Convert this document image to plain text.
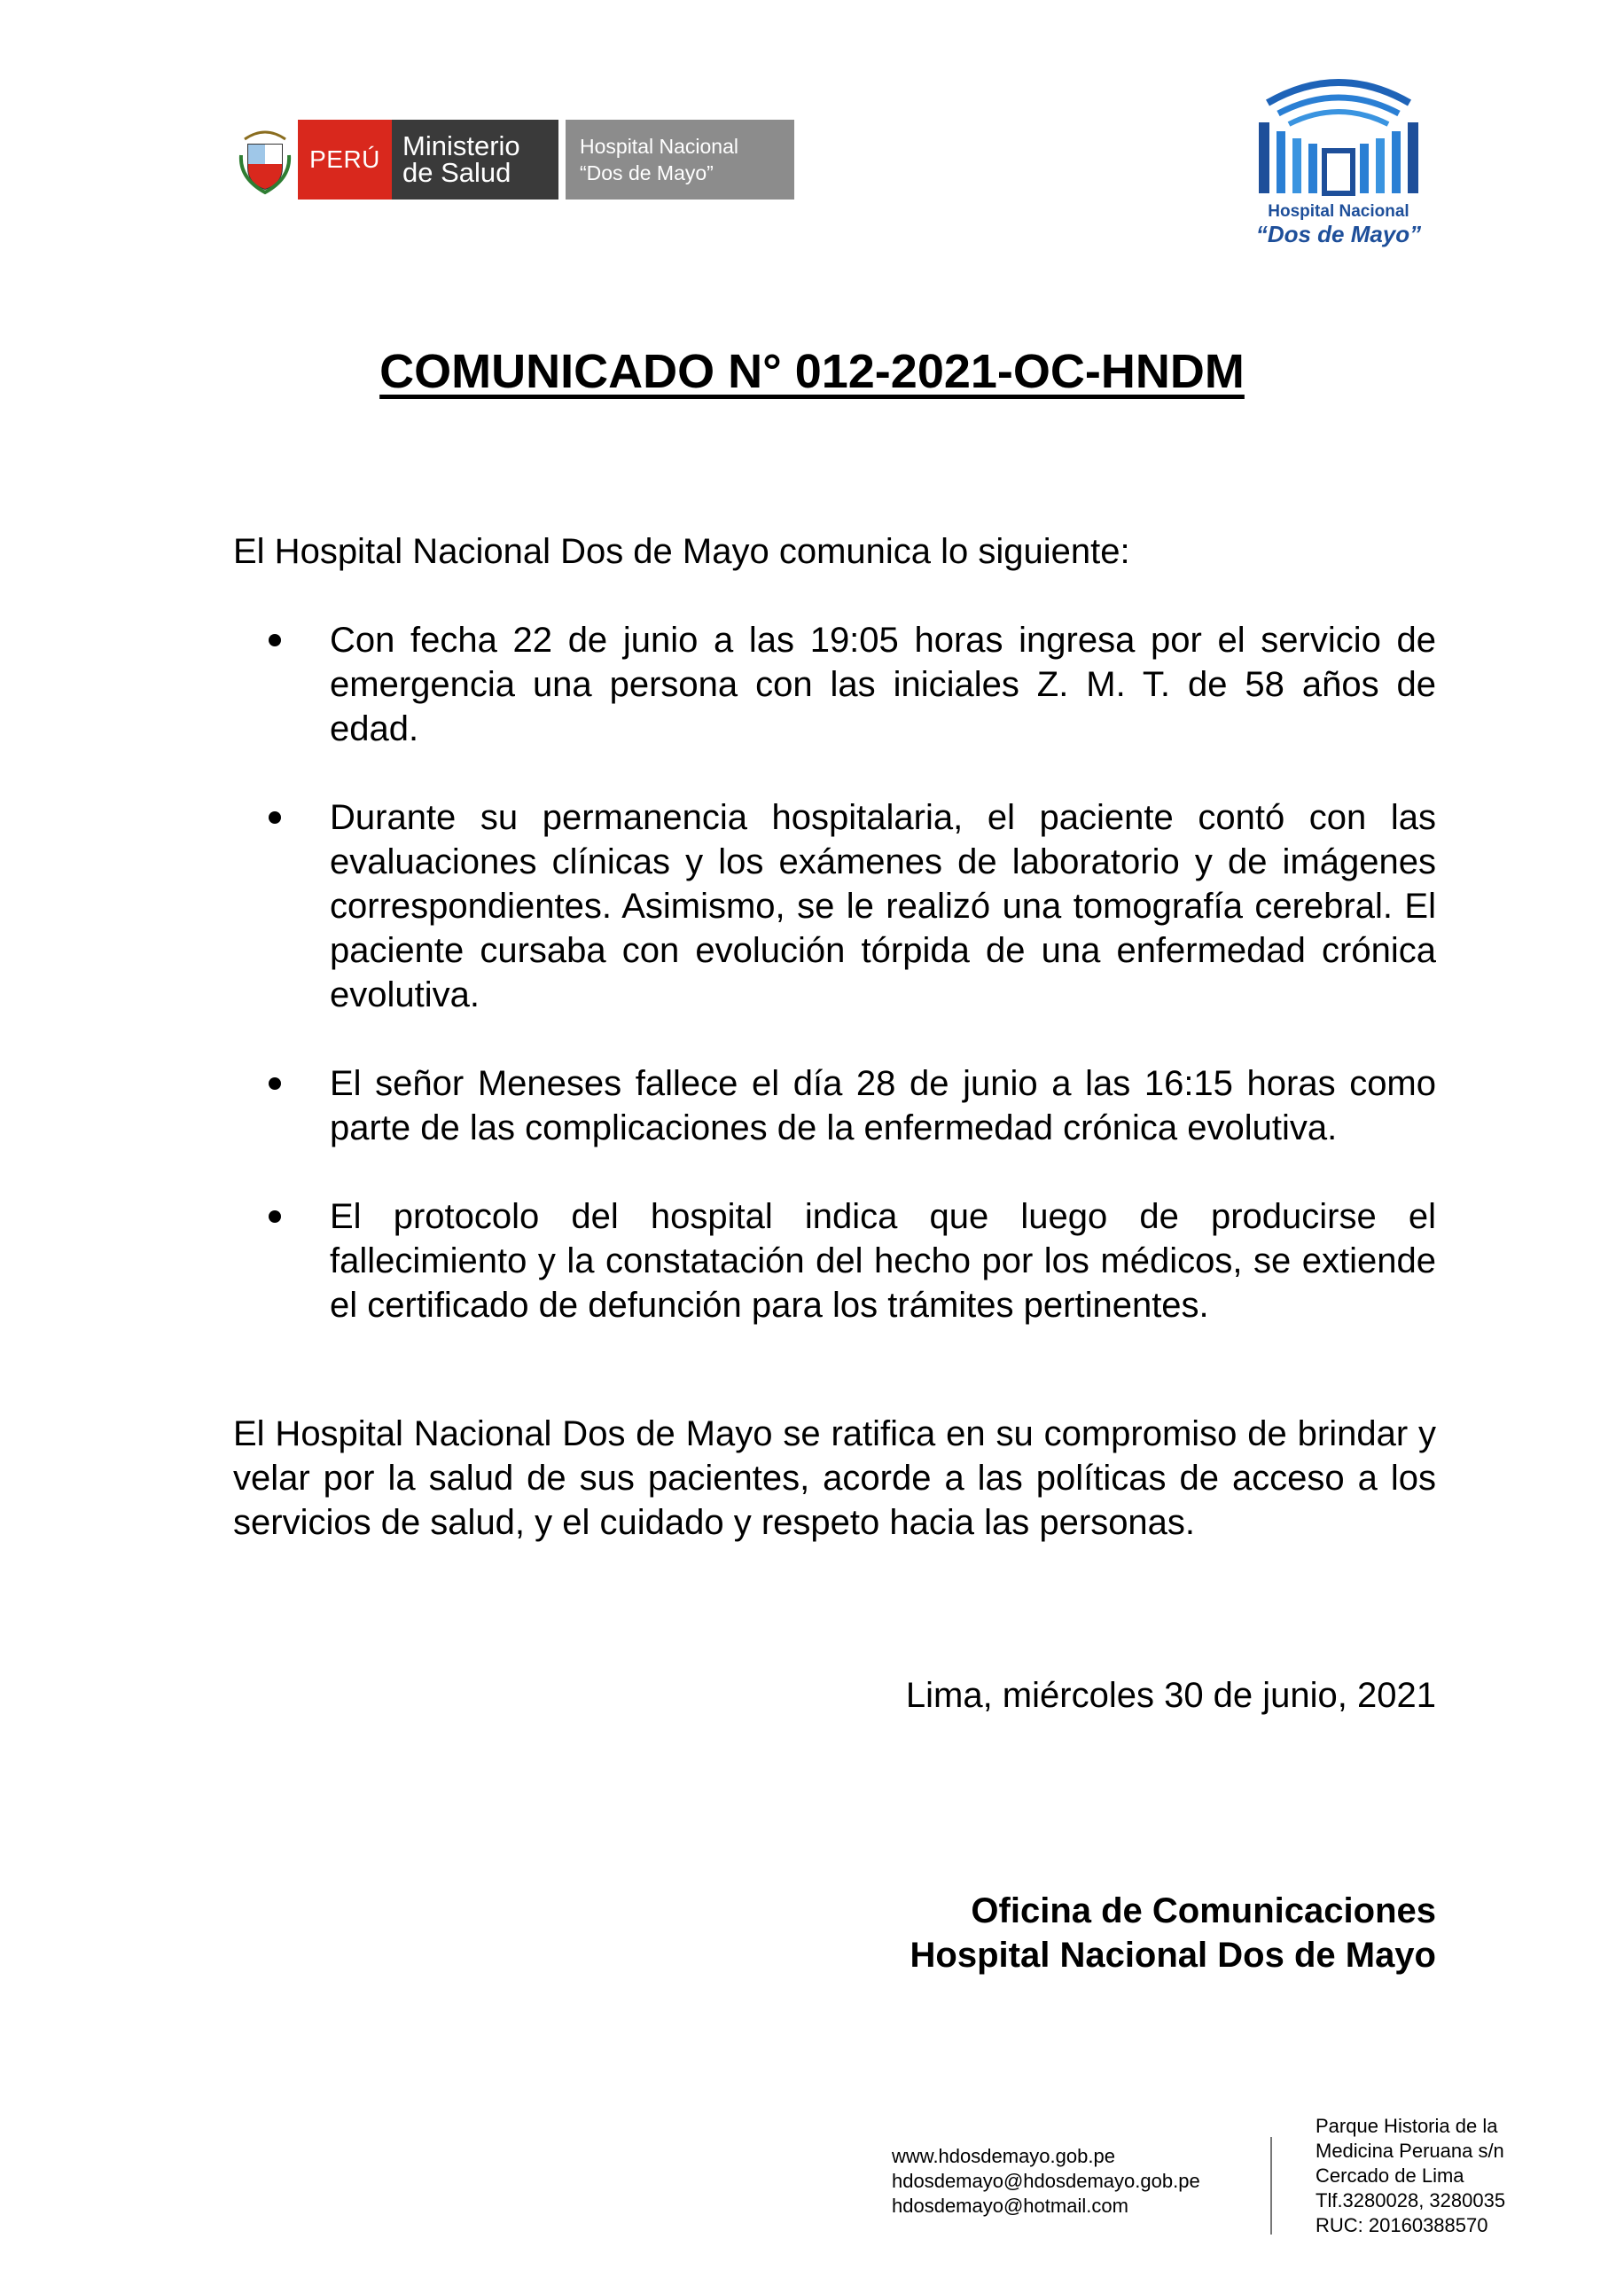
PERÚ Ministerio
de Salud
Hospital Nacional
“Dos de Mayo”
Hospital Nacional
“Dos de Mayo”
COMUNICADO N° 012-2021-OC-HNDM
El Hospital Nacional Dos de Mayo comunica lo siguiente:
Con fecha 22 de junio a las 19:05 horas ingresa por el servicio de emergencia una persona con las iniciales Z. M. T. de 58 años de edad.
Durante su permanencia hospitalaria, el paciente contó con las evaluaciones clínicas y los exámenes de laboratorio y de imágenes correspondientes. Asimismo, se le realizó una tomografía cerebral. El paciente cursaba con evolución tórpida de una enfermedad crónica evolutiva.
El señor Meneses fallece el día 28 de junio a las 16:15 horas como parte de las complicaciones de la enfermedad crónica evolutiva.
El protocolo del hospital indica que luego de producirse el fallecimiento y la constatación del hecho por los médicos, se extiende el certificado de defunción para los trámites pertinentes.
El Hospital Nacional Dos de Mayo se ratifica en su compromiso de brindar y velar por la salud de sus pacientes, acorde a las políticas de acceso a los servicios de salud, y el cuidado y respeto hacia las personas.
Lima, miércoles 30 de junio, 2021
Oficina de Comunicaciones
Hospital Nacional Dos de Mayo
www.hdosdemayo.gob.pe
hdosdemayo@hdosdemayo.gob.pe
hdosdemayo@hotmail.com
Parque Historia de la
Medicina Peruana s/n
Cercado de Lima
Tlf.3280028, 3280035
RUC: 20160388570
